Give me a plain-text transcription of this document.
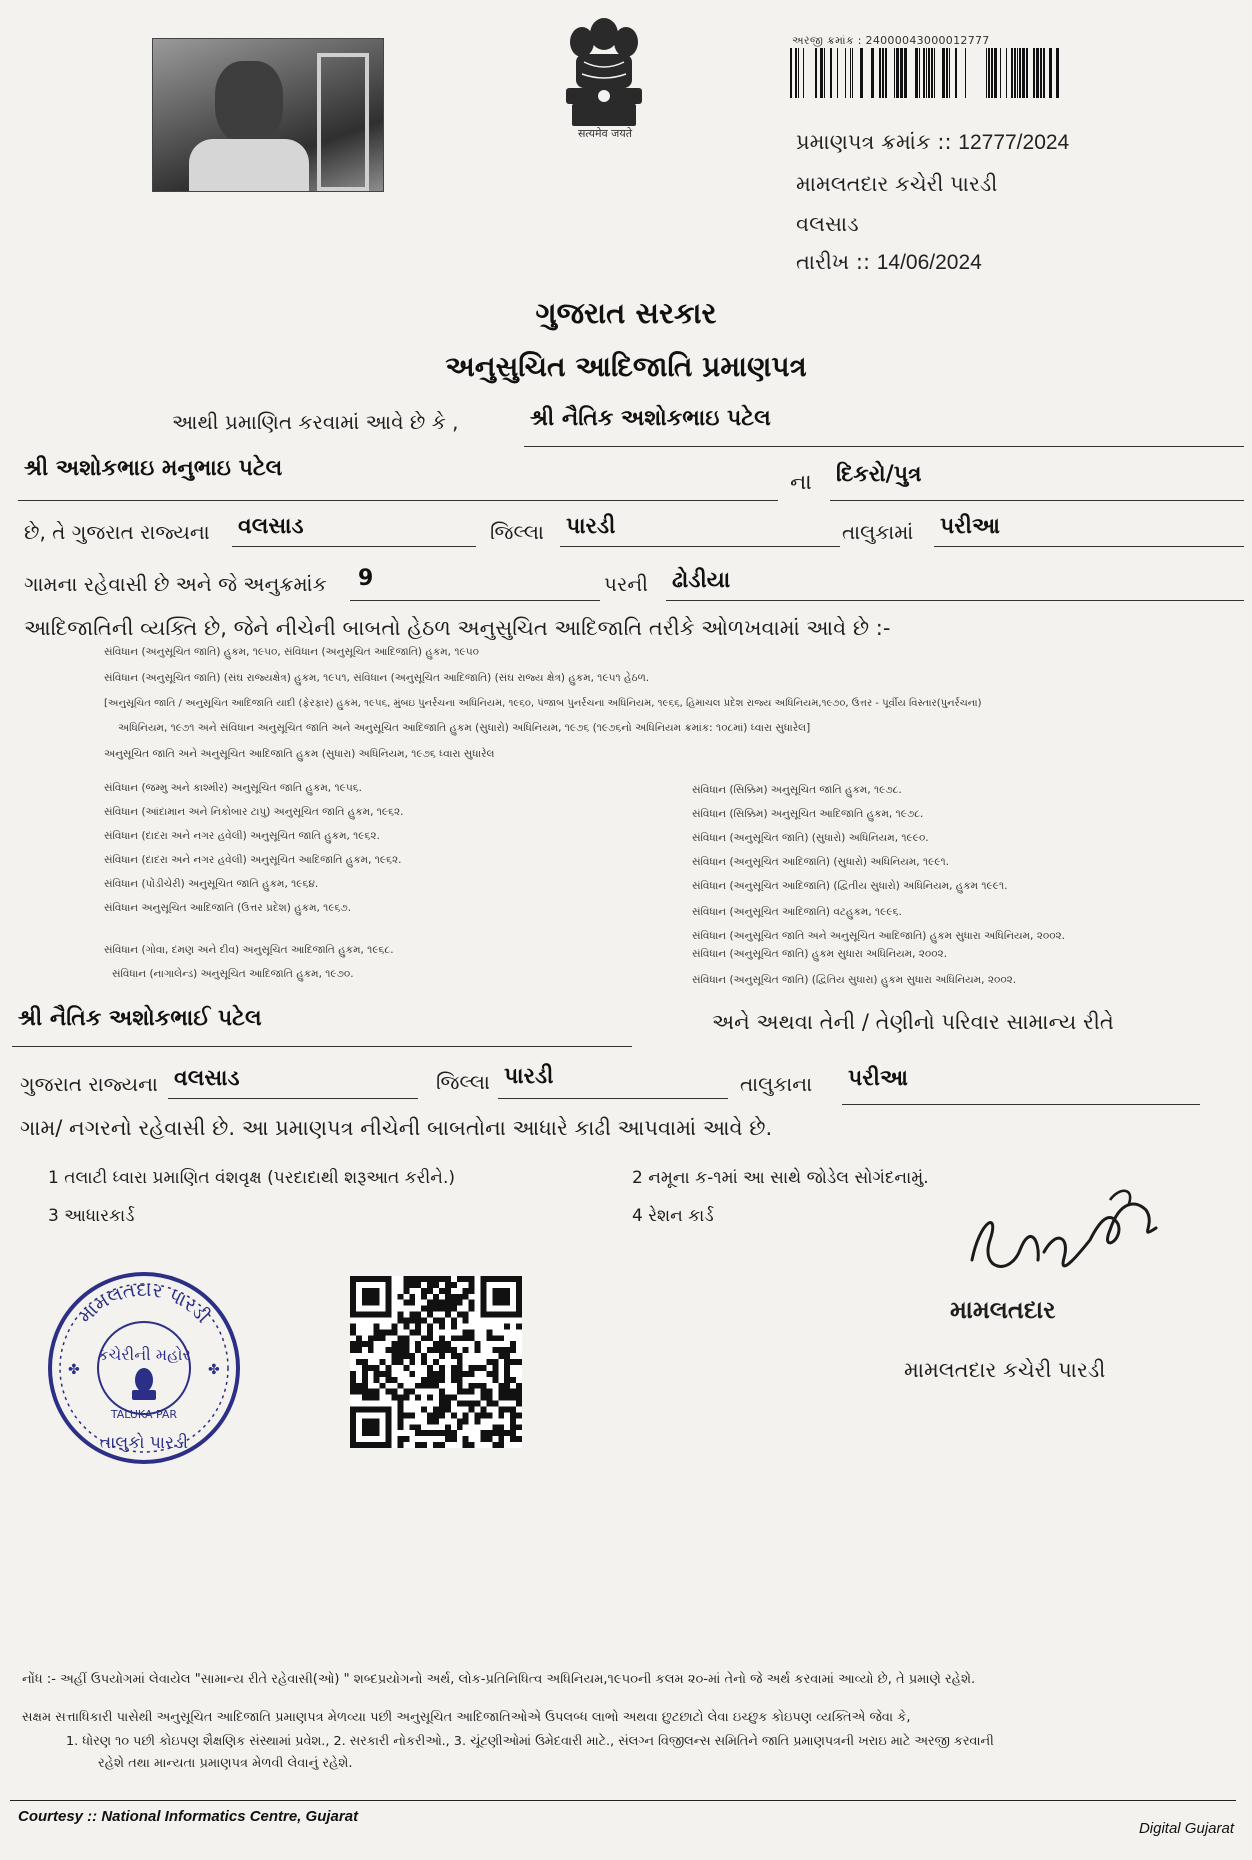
सत्यमेव जयते
અરજી ક્રમાંક : 24000043000012777
પ્રમાણપત્ર ક્રમાંક :: 12777/2024
મામલતદાર કચેરી પારડી
વલસાડ
તારીખ :: 14/06/2024
ગુજરાત સરકાર
અનુસુચિત આદિજાતિ પ્રમાણપત્ર
આથી પ્રમાણિત કરવામાં આવે છે કે ,	શ્રી નૈતિક અશોકભાઇ પટેલ
શ્રી અશોકભાઇ મનુભાઇ પટેલ
ના દિકરો/પુત્ર
છે, તે ગુજરાત રાજ્યના વલસાડ	જિલ્લા પારડી	તાલુકામાં પરીઆ
ગામના રહેવાસી છે અને જે અનુક્રમાંક 9	પરની ઢોડીયા
આદિજાતિની વ્યક્તિ છે, જેને નીચેની બાબતો હેઠળ અનુસુચિત આદિજાતિ તરીકે ઓળખવામાં આવે છે :-
સંવિધાન (અનુસૂચિત જાતિ) હુકમ, ૧૯૫૦, સંવિધાન (અનુસૂચિત આદિજાતિ) હુકમ, ૧૯૫૦
સંવિધાન (અનુસૂચિત જાતિ) (સંઘ રાજ્યક્ષેત્ર) હુકમ, ૧૯૫૧, સંવિધાન (અનુસૂચિત આદિજાતિ) (સંઘ રાજ્ય ક્ષેત્ર) હુકમ, ૧૯૫૧ હેઠળ.
[અનુસૂચિત જાતિ / અનુસૂચિત આદિજાતિ યાદી (ફેરફાર) હુકમ, ૧૯૫૬, મુંબઇ પુનર્રચના અધિનિયમ, ૧૯૬૦, પંજાબ પુનર્રચના અધિનિયમ, ૧૯૬૬, હિમાચલ પ્રદેશ રાજ્ય અધિનિયમ,૧૯૭૦, ઉત્તર - પૂર્વીય વિસ્તાર(પુનર્રચના)
અધિનિયમ, ૧૯૭૧ અને સંવિધાન અનુસૂચિત જાતિ અને અનુસૂચિત આદિજાતિ હુકમ (સુધારો) અધિનિયમ, ૧૯૭૬ (૧૯૭૬નો અધિનિયમ ક્રમાંક: ૧૦૮માં) ધ્વારા સુધારેલ]
અનુસૂચિત જાતિ અને અનુસૂચિત આદિજાતિ હુકમ (સુધારા) અધિનિયમ, ૧૯૭૬ ધ્વારા સુધારેલ
સંવિધાન (જમ્મુ અને કાશ્મીર) અનુસૂચિત જાતિ હુકમ, ૧૯૫૬.
સંવિધાન (આંદામાન અને નિકોબાર ટાપુ) અનુસૂચિત જાતિ હુકમ, ૧૯૬૨.
સંવિધાન (દાદરા અને નગર હવેલી) અનુસૂચિત જાતિ હુકમ, ૧૯૬૨.
સંવિધાન (દાદરા અને નગર હવેલી) અનુસૂચિત આદિજાતિ હુકમ, ૧૯૬૨.
સંવિધાન (પોંડીચેરી) અનુસૂચિત જાતિ હુકમ, ૧૯૬૪.
સંવિધાન અનુસૂચિત આદિજાતિ (ઉત્તર પ્રદેશ) હુકમ, ૧૯૬૭.
સંવિધાન (ગોવા, દમણ અને દીવ) અનુસૂચિત આદિજાતિ હુકમ, ૧૯૬૮.
સંવિધાન (નાગાલેન્ડ) અનુસૂચિત આદિજાતિ હુકમ, ૧૯૭૦.
સંવિધાન (સિક્કિમ) અનુસૂચિત જાતિ હુકમ, ૧૯૭૮.
સંવિધાન (સિક્કિમ) અનુસૂચિત આદિજાતિ હુકમ, ૧૯૭૮.
સંવિધાન (અનુસૂચિત જાતિ) (સુધારો) અધિનિયમ, ૧૯૯૦.
સંવિધાન (અનુસૂચિત આદિજાતિ) (સુધારો) અધિનિયમ, ૧૯૯૧.
સંવિધાન (અનુસૂચિત આદિજાતિ) (દ્વિતીય સુધારો) અધિનિયમ, હુકમ ૧૯૯૧.
સંવિધાન (અનુસૂચિત આદિજાતિ) વટહુકમ, ૧૯૯૬.
સંવિધાન (અનુસૂચિત જાતિ અને અનુસૂચિત આદિજાતિ) હુકમ સુધારા અધિનિયમ, ૨૦૦૨.
સંવિધાન (અનુસૂચિત જાતિ) હુકમ સુધારા અધિનિયમ, ૨૦૦૨.
સંવિધાન (અનુસૂચિત જાતિ) (દ્વિતિય સુધારા) હુકમ સુધારા અધિનિયમ, ૨૦૦૨.
શ્રી નૈતિક અશોકભાઈ પટેલ	અને અથવા તેની / તેણીનો પરિવાર સામાન્ય રીતે
ગુજરાત રાજ્યના વલસાડ	જિલ્લા પારડી	તાલુકાના પરીઆ
ગામ/ નગરનો રહેવાસી છે. આ પ્રમાણપત્ર નીચેની બાબતોના આધારે કાઢી આપવામાં આવે છે.
1 તલાટી ધ્વારા પ્રમાણિત વંશવૃક્ષ (પરદાદાથી શરૂઆત કરીને.)	2 નમૂના ક-૧માં આ સાથે જોડેલ સોગંદનામું.
3 આધારકાર્ડ	4 રેશન કાર્ડ
મામલતદાર પારડી
કચેરીની મહોર
TALUKA PAR
તાલુકો પારડી
✤	✤
મામલતદાર
મામલતદાર કચેરી પારડી
નોંધ :- અહીં ઉપયોગમાં લેવાયેલ "સામાન્ય રીતે રહેવાસી(ઓ) " શબ્દપ્રયોગનો અર્થ, લોક-પ્રતિનિધિત્વ અધિનિયમ,૧૯૫૦ની કલમ ૨૦-માં તેનો જે અર્થ કરવામાં આવ્યો છે, તે પ્રમાણે રહેશે.
સક્ષમ સત્તાધિકારી પાસેથી અનુસૂચિત આદિજાતિ પ્રમાણપત્ર મેળવ્યા પછી અનુસૂચિત આદિજાતિઓએ ઉપલબ્ધ લાભો અથવા છુટછાટો લેવા ઇચ્છુક કોઇપણ વ્યક્તિએ જેવા કે,
1. ધોરણ ૧૦ પછી કોઇપણ શૈક્ષણિક સંસ્થામાં પ્રવેશ., 2. સરકારી નોકરીઓ., 3. ચૂંટણીઓમાં ઉમેદવારી માટે., સંલગ્ન વિજીલન્સ સમિતિને જાતિ પ્રમાણપત્રની ખરાઇ માટે અરજી કરવાની
રહેશે તથા માન્યતા પ્રમાણપત્ર મેળવી લેવાનું રહેશે.
Courtesy :: National Informatics Centre, Gujarat
Digital Gujarat
